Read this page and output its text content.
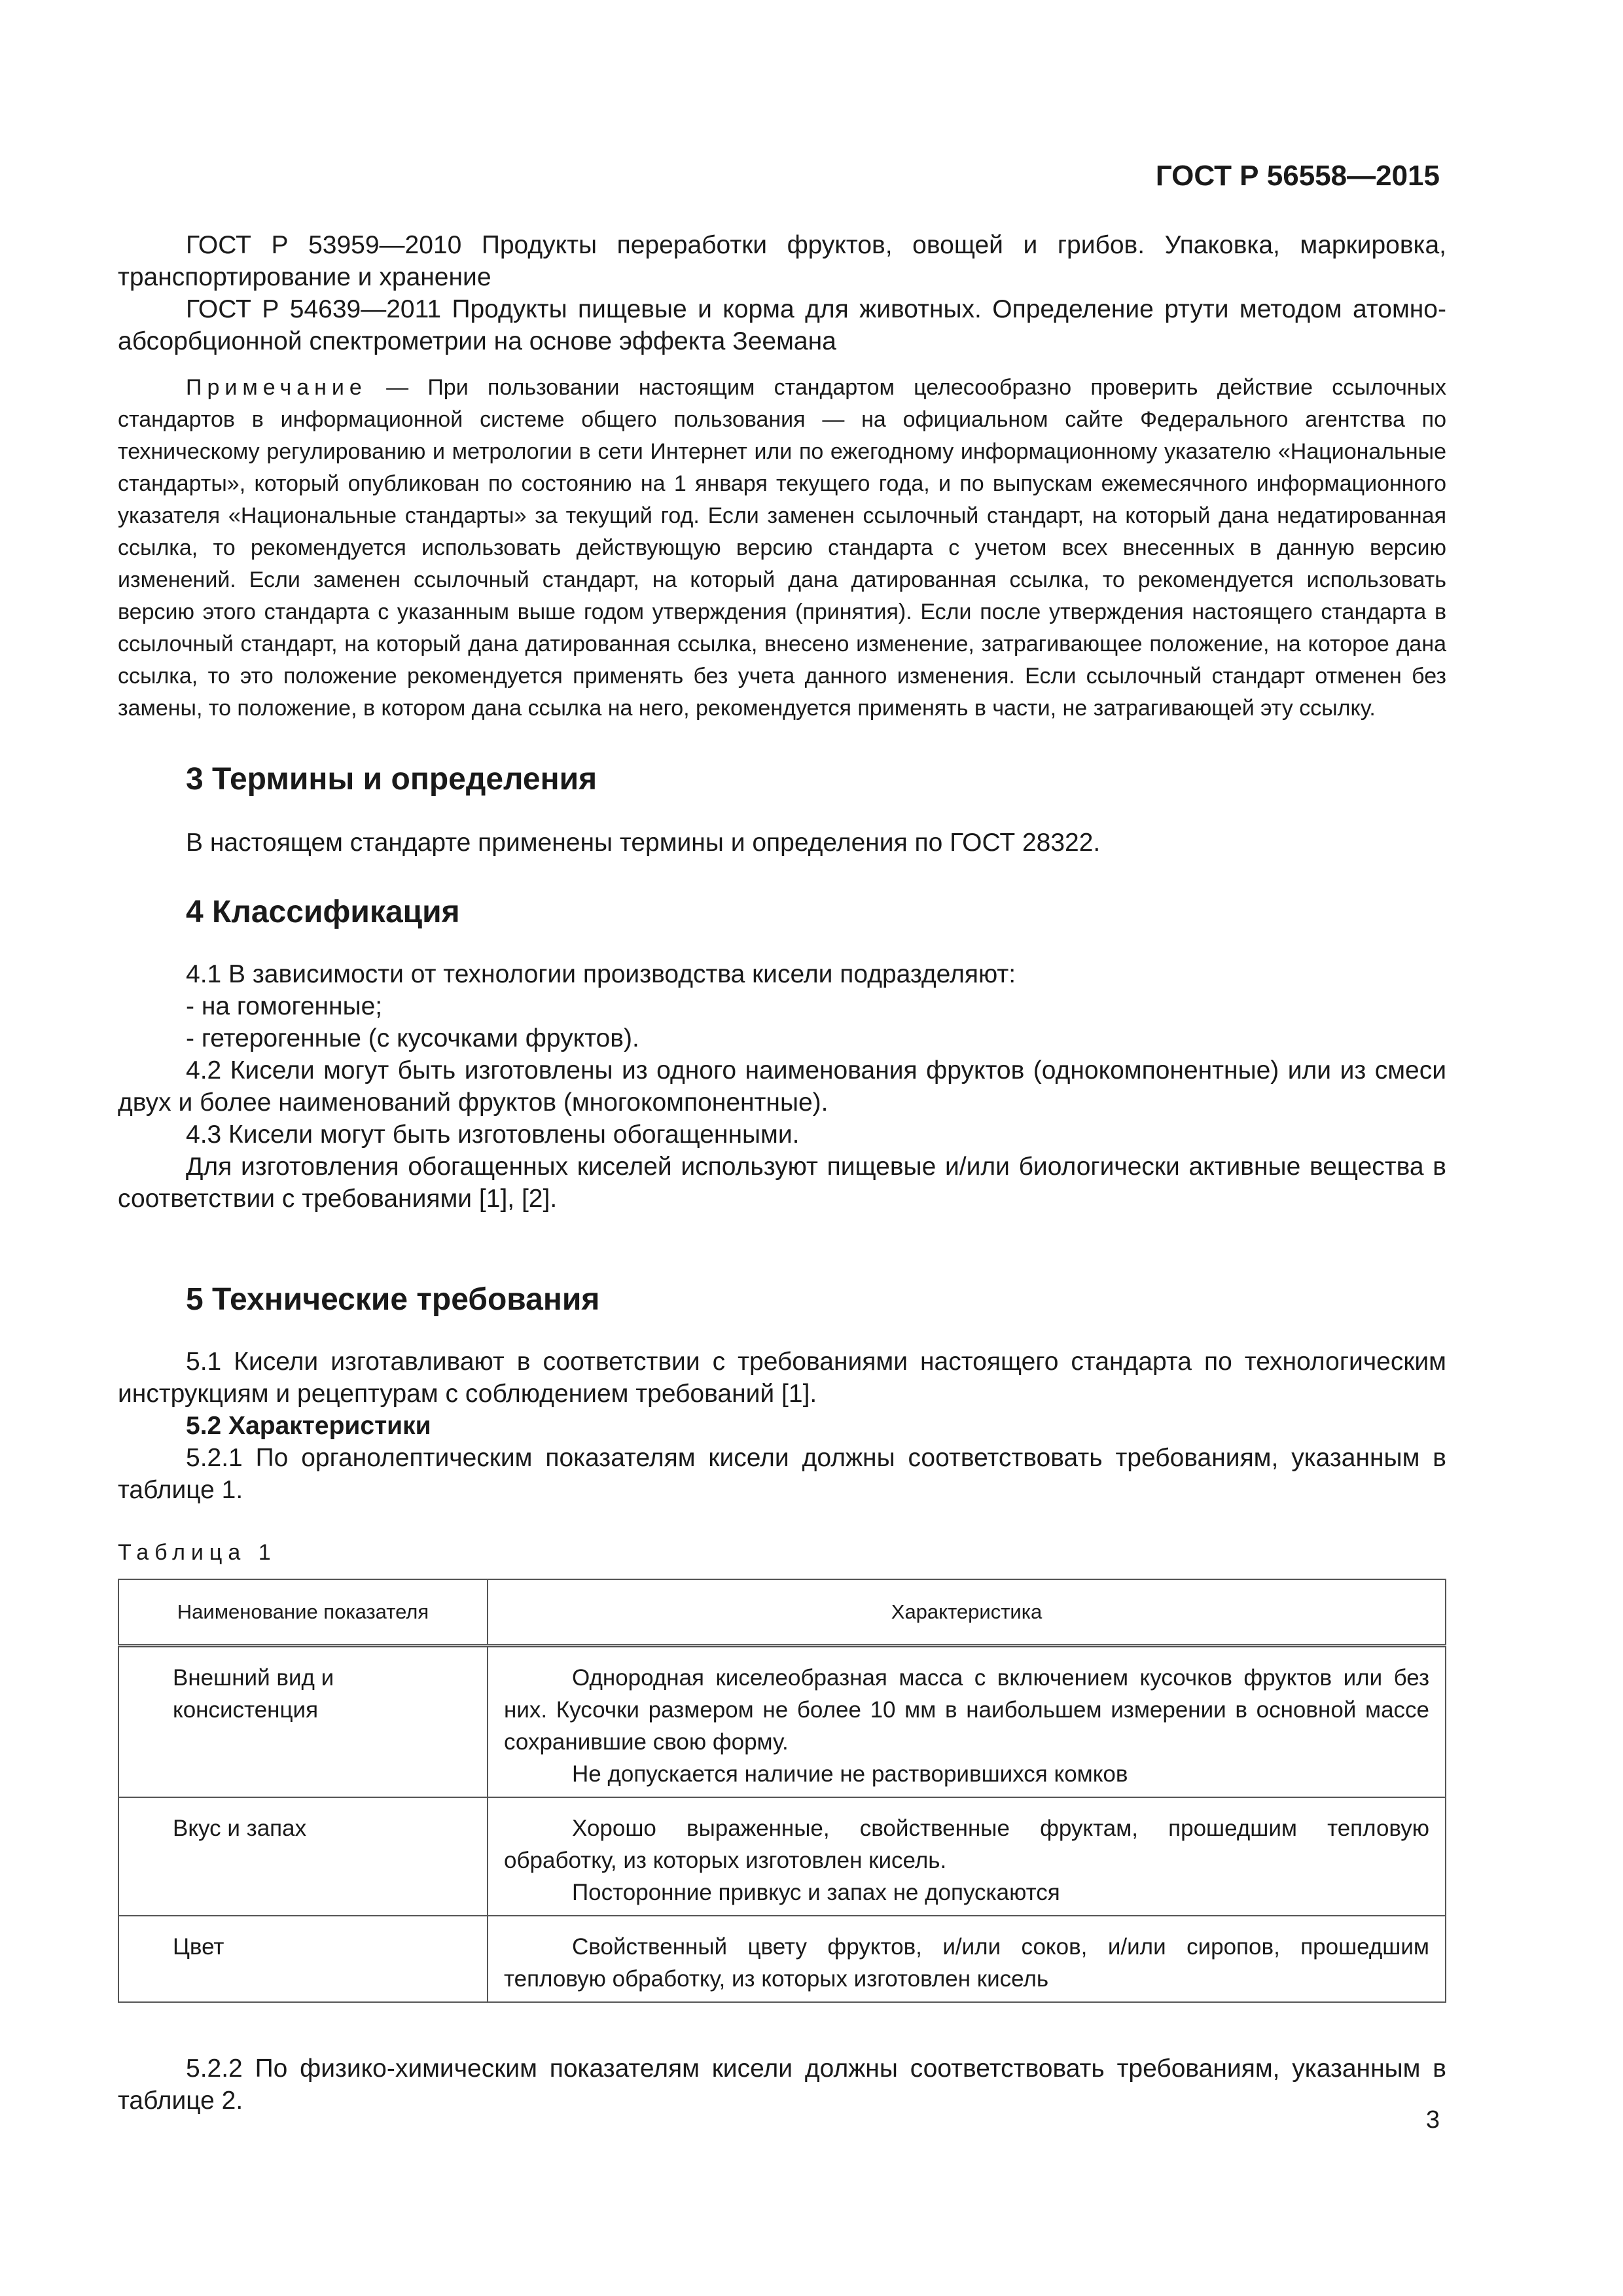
ГОСТ Р 56558—2015

ГОСТ Р 53959—2010 Продукты переработки фруктов, овощей и грибов. Упаковка, маркировка, транспортирование и хранение

ГОСТ Р 54639—2011 Продукты пищевые и корма для животных. Определение ртути методом атомно-абсорбционной спектрометрии на основе эффекта Зеемана

Примечание — При пользовании настоящим стандартом целесообразно проверить действие ссылочных стандартов в информационной системе общего пользования — на официальном сайте Федерального агентства по техническому регулированию и метрологии в сети Интернет или по ежегодному информационному указателю «Национальные стандарты», который опубликован по состоянию на 1 января текущего года, и по выпускам ежемесячного информационного указателя «Национальные стандарты» за текущий год. Если заменен ссылочный стандарт, на который дана недатированная ссылка, то рекомендуется использовать действующую версию стандарта с учетом всех внесенных в данную версию изменений. Если заменен ссылочный стандарт, на который дана датированная ссылка, то рекомендуется использовать версию этого стандарта с указанным выше годом утверждения (принятия). Если после утверждения настоящего стандарта в ссылочный стандарт, на который дана датированная ссылка, внесено изменение, затрагивающее положение, на которое дана ссылка, то это положение рекомендуется применять без учета данного изменения. Если ссылочный стандарт отменен без замены, то положение, в котором дана ссылка на него, рекомендуется применять в части, не затрагивающей эту ссылку.

3 Термины и определения

В настоящем стандарте применены термины и определения по ГОСТ 28322.

4 Классификация

4.1 В зависимости от технологии производства кисели подразделяют:

- на гомогенные;

- гетерогенные (с кусочками фруктов).

4.2 Кисели могут быть изготовлены из одного наименования фруктов (однокомпонентные) или из смеси двух и более наименований фруктов (многокомпонентные).

4.3 Кисели могут быть изготовлены обогащенными.

Для изготовления обогащенных киселей используют пищевые и/или биологически активные вещества в соответствии с требованиями [1], [2].

5 Технические требования

5.1 Кисели изготавливают в соответствии с требованиями настоящего стандарта по технологическим инструкциям и рецептурам с соблюдением требований [1].

5.2 Характеристики

5.2.1 По органолептическим показателям кисели должны соответствовать требованиям, указанным в таблице 1.

Таблица 1

Наименование показателя	Характеристика
Внешний вид и консистенция	Однородная киселеобразная масса с включением кусочков фруктов или без них. Кусочки размером не более 10 мм в наибольшем измерении в основной массе сохранившие свою форму.

Не допускается наличие не растворившихся комков

Вкус и запах	Хорошо выраженные, свойственные фруктам, прошедшим тепловую обработку, из которых изготовлен кисель.

Посторонние привкус и запах не допускаются

Цвет	Свойственный цвету фруктов, и/или соков, и/или сиропов, прошедшим тепловую обработку, из которых изготовлен кисель

5.2.2 По физико-химическим показателям кисели должны соответствовать требованиям, указанным в таблице 2.

3
